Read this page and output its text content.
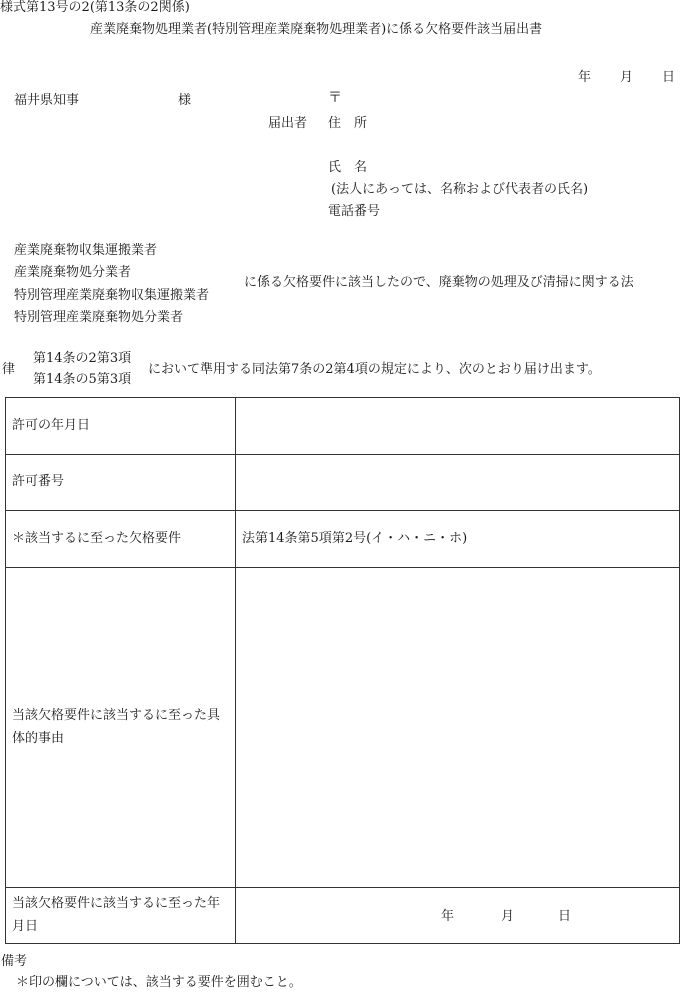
様式第13号の2(第13条の2関係)
産業廃棄物処理業者(特別管理産業廃棄物処理業者)に係る欠格要件該当届出書
年 月 日
福井県知事	様	〒
届出者 住　所
氏　名
(法人にあっては、名称および代表者の氏名)
電話番号
産業廃棄物収集運搬業者
産業廃棄物処分業者
特別管理産業廃棄物収集運搬業者
特別管理産業廃棄物処分業者
に係る欠格要件に該当したので、廃棄物の処理及び清掃に関する法
律
第14条の2第3項
第14条の5第3項
において準用する同法第7条の2第4項の規定により、次のとおり届け出ます。
許可の年月日	
許可番号	
＊該当するに至った欠格要件	法第14条第5項第2号(イ・ハ・ニ・ホ)
当該欠格要件に該当するに至った具体的事由	
当該欠格要件に該当するに至った年月日	年 月 日
備考
＊印の欄については、該当する要件を囲むこと。
